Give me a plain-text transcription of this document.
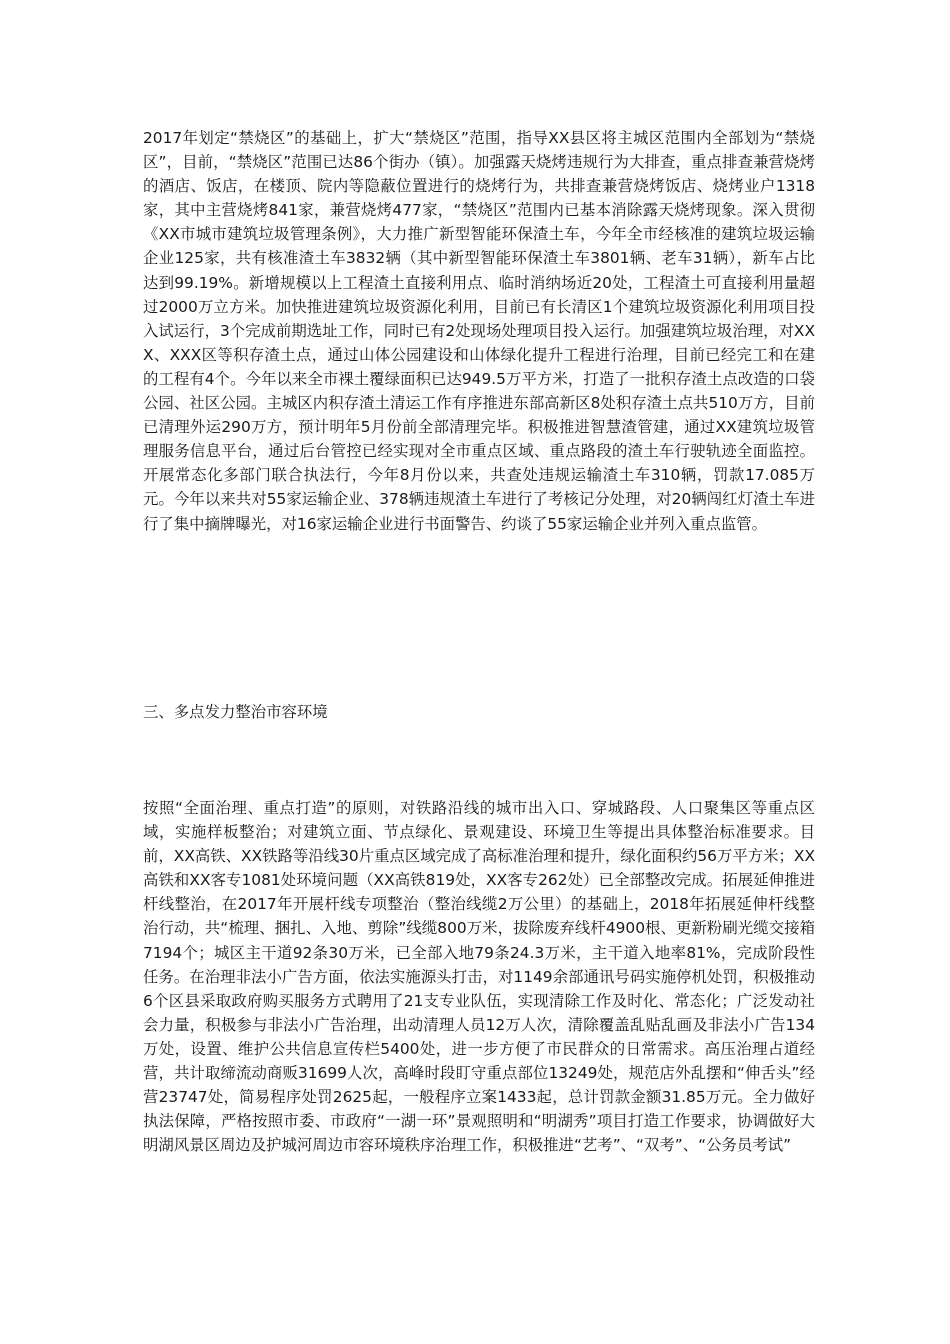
2017年划定“禁烧区”的基础上，扩大“禁烧区”范围，指导XX县区将主城区范围内全部划为“禁烧区”，目前，“禁烧区”范围已达86个街办（镇）。加强露天烧烤违规行为大排查，重点排查兼营烧烤的酒店、饭店，在楼顶、院内等隐蔽位置进行的烧烤行为，共排查兼营烧烤饭店、烧烤业户1318家，其中主营烧烤841家，兼营烧烤477家，“禁烧区”范围内已基本消除露天烧烤现象。深入贯彻《XX市城市建筑垃圾管理条例》，大力推广新型智能环保渣土车，今年全市经核准的建筑垃圾运输企业125家，共有核准渣土车3832辆（其中新型智能环保渣土车3801辆、老车31辆），新车占比达到99.19%。新增规模以上工程渣土直接利用点、临时消纳场近20处，工程渣土可直接利用量超过2000万立方米。加快推进建筑垃圾资源化利用，目前已有长清区1个建筑垃圾资源化利用项目投入试运行，3个完成前期选址工作，同时已有2处现场处理项目投入运行。加强建筑垃圾治理，对XXX、XXX区等积存渣土点，通过山体公园建设和山体绿化提升工程进行治理，目前已经完工和在建的工程有4个。今年以来全市裸土覆绿面积已达949.5万平方米，打造了一批积存渣土点改造的口袋公园、社区公园。主城区内积存渣土清运工作有序推进东部高新区8处积存渣土点共510万方，目前已清理外运290万方，预计明年5月份前全部清理完毕。积极推进智慧渣管建，通过XX建筑垃圾管理服务信息平台，通过后台管控已经实现对全市重点区域、重点路段的渣土车行驶轨迹全面监控。开展常态化多部门联合执法行，今年8月份以来，共查处违规运输渣土车310辆，罚款17.085万元。今年以来共对55家运输企业、378辆违规渣土车进行了考核记分处理，对20辆闯红灯渣土车进行了集中摘牌曝光，对16家运输企业进行书面警告、约谈了55家运输企业并列入重点监管。

三、多点发力整治市容环境

按照“全面治理、重点打造”的原则，对铁路沿线的城市出入口、穿城路段、人口聚集区等重点区域，实施样板整治；对建筑立面、节点绿化、景观建设、环境卫生等提出具体整治标准要求。目前，XX高铁、XX铁路等沿线30片重点区域完成了高标准治理和提升，绿化面积约56万平方米；XX高铁和XX客专1081处环境问题（XX高铁819处，XX客专262处）已全部整改完成。拓展延伸推进杆线整治，在2017年开展杆线专项整治（整治线缆2万公里）的基础上，2018年拓展延伸杆线整治行动，共“梳理、捆扎、入地、剪除”线缆800万米，拔除废弃线杆4900根、更新粉刷光缆交接箱7194个；城区主干道92条30万米，已全部入地79条24.3万米，主干道入地率81%，完成阶段性任务。在治理非法小广告方面，依法实施源头打击，对1149余部通讯号码实施停机处罚，积极推动6个区县采取政府购买服务方式聘用了21支专业队伍，实现清除工作及时化、常态化；广泛发动社会力量，积极参与非法小广告治理，出动清理人员12万人次，清除覆盖乱贴乱画及非法小广告134万处，设置、维护公共信息宣传栏5400处，进一步方便了市民群众的日常需求。高压治理占道经营，共计取缔流动商贩31699人次，高峰时段盯守重点部位13249处，规范店外乱摆和“伸舌头”经营23747处，简易程序处罚2625起，一般程序立案1433起，总计罚款金额31.85万元。全力做好执法保障，严格按照市委、市政府“一湖一环”景观照明和“明湖秀”项目打造工作要求，协调做好大明湖风景区周边及护城河周边市容环境秩序治理工作，积极推进“艺考”、“双考”、“公务员考试”
